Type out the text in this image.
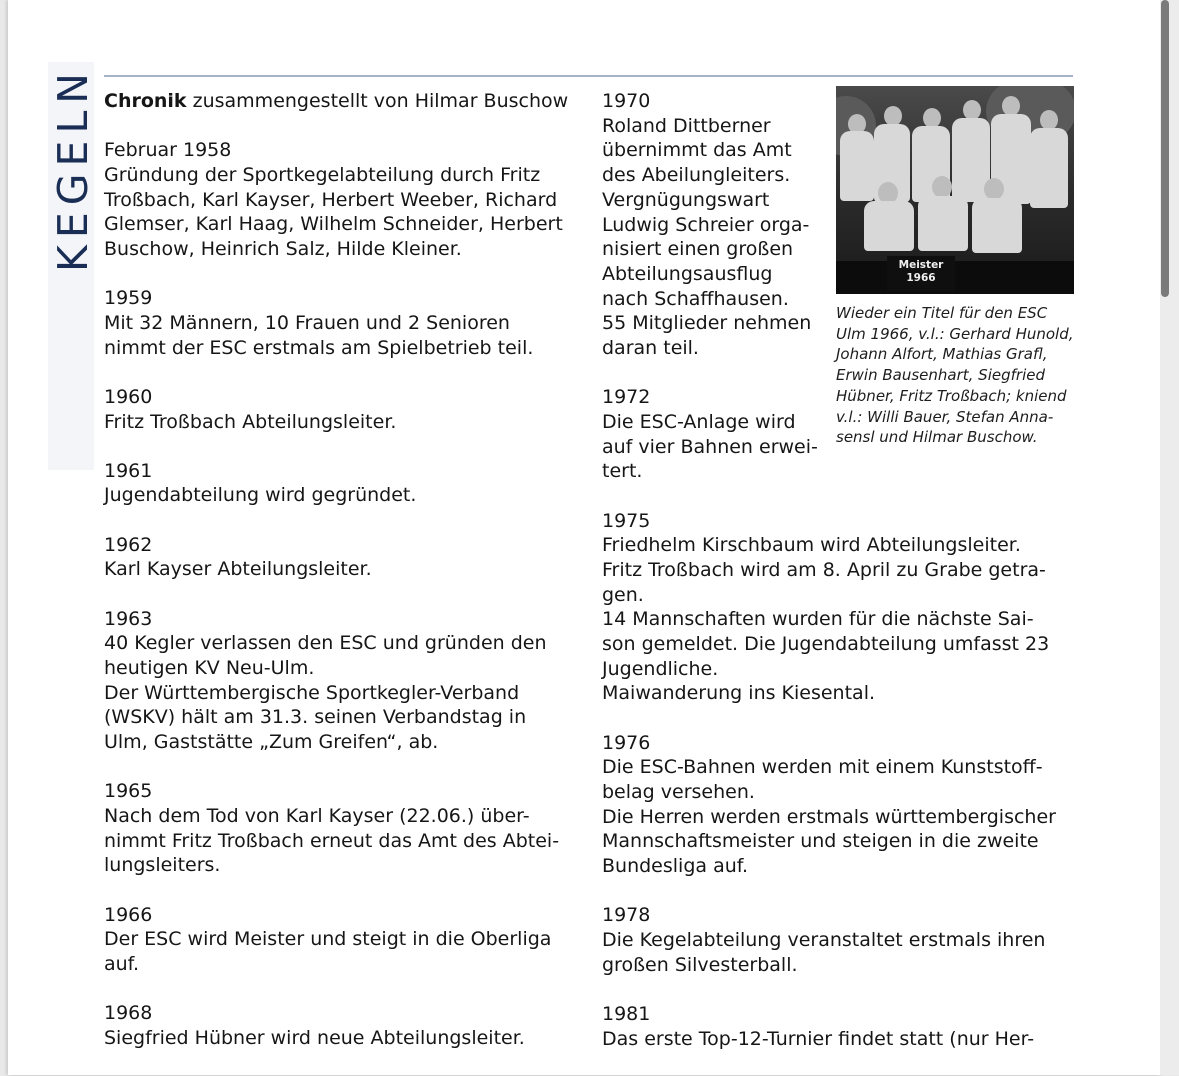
KEGELN Chronik zusammengestellt von Hilmar Buschow
Februar 1958
Gründung der Sportkegelabteilung durch Fritz
Troßbach, Karl Kayser, Herbert Weeber, Richard
Glemser, Karl Haag, Wilhelm Schneider, Herbert
Buschow, Heinrich Salz, Hilde Kleiner.
1959
Mit 32 Männern, 10 Frauen und 2 Senioren
nimmt der ESC erstmals am Spielbetrieb teil.
1960
Fritz Troßbach Abteilungsleiter.
1961
Jugendabteilung wird gegründet.
1962
Karl Kayser Abteilungsleiter.
1963
40 Kegler verlassen den ESC und gründen den
heutigen KV Neu-Ulm.
Der Württembergische Sportkegler-Verband
(WSKV) hält am 31.3. seinen Verbandstag in
Ulm, Gaststätte „Zum Greifen“, ab.
1965
Nach dem Tod von Karl Kayser (22.06.) über-
nimmt Fritz Troßbach erneut das Amt des Abtei-
lungsleiters.
1966
Der ESC wird Meister und steigt in die Oberliga
auf.
1968
Siegfried Hübner wird neue Abteilungsleiter.
1970
Roland Dittberner
übernimmt das Amt
des Abeilungleiters.
Vergnügungswart
Ludwig Schreier orga-
nisiert einen großen
Abteilungsausflug
nach Schaffhausen.
55 Mitglieder nehmen
daran teil.
1972
Die ESC-Anlage wird
auf vier Bahnen erwei-
tert.
1975
Friedhelm Kirschbaum wird Abteilungsleiter.
Fritz Troßbach wird am 8. April zu Grabe getra-
gen.
14 Mannschaften wurden für die nächste Sai-
son gemeldet. Die Jugendabteilung umfasst 23
Jugendliche.
Maiwanderung ins Kiesental.
1976
Die ESC-Bahnen werden mit einem Kunststoff-
belag versehen.
Die Herren werden erstmals württembergischer
Mannschaftsmeister und steigen in die zweite
Bundesliga auf.
1978
Die Kegelabteilung veranstaltet erstmals ihren
großen Silvesterball.
1981
Das erste Top-12-Turnier findet statt (nur Her-
Meister
1966
Wieder ein Titel für den ESC
Ulm 1966, v.l.: Gerhard Hunold,
Johann Alfort, Mathias Grafl,
Erwin Bausenhart, Siegfried
Hübner, Fritz Troßbach; kniend
v.l.: Willi Bauer, Stefan Anna-
sensl und Hilmar Buschow.
